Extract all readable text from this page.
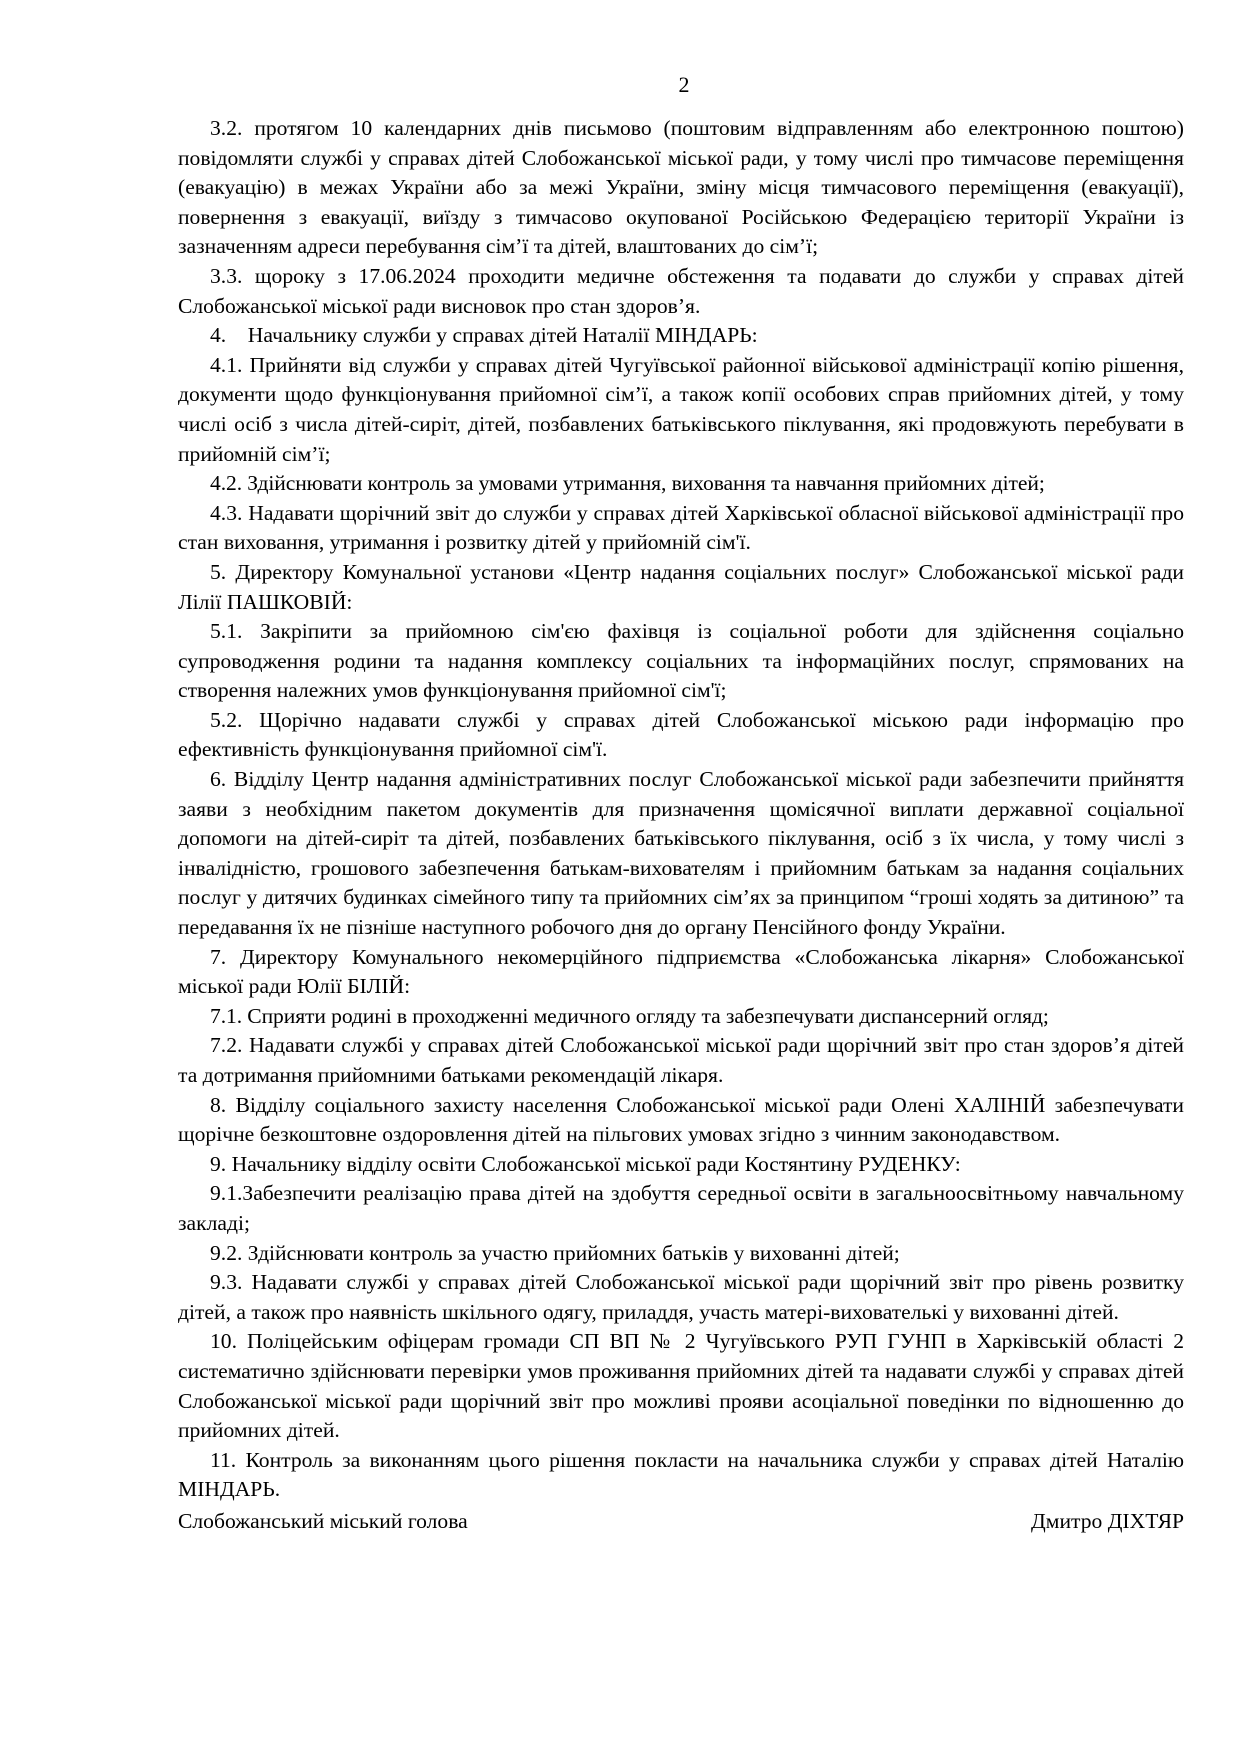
2

3.2. протягом 10 календарних днів письмово (поштовим відправленням або електронною поштою) повідомляти службі у справах дітей Слобожанської міської ради, у тому числі про тимчасове переміщення (евакуацію) в межах України або за межі України, зміну місця тимчасового переміщення (евакуації), повернення з евакуації, виїзду з тимчасово окупованої Російською Федерацією території України із зазначенням адреси перебування сім’ї та дітей, влаштованих до сім’ї;

3.3. щороку з 17.06.2024 проходити медичне обстеження та подавати до служби у справах дітей Слобожанської міської ради висновок про стан здоров’я.

4.    Начальнику служби у справах дітей Наталії МІНДАРЬ:

4.1. Прийняти від служби у справах дітей Чугуївської районної військової адміністрації копію рішення, документи щодо функціонування прийомної сім’ї, а також копії особових справ прийомних дітей, у тому числі осіб з числа дітей-сиріт, дітей, позбавлених батьківського піклування, які продовжують перебувати в прийомній сім’ї;

4.2. Здійснювати контроль за умовами утримання, виховання та навчання прийомних дітей;

4.3. Надавати щорічний звіт до служби у справах дітей Харківської обласної військової адміністрації про стан виховання, утримання і розвитку дітей у прийомній сім'ї.

5. Директору Комунальної установи «Центр надання соціальних послуг» Слобожанської міської ради Лілії ПАШКОВІЙ:

5.1. Закріпити за прийомною сім'єю фахівця із соціальної роботи для здійснення соціально супроводження родини та надання комплексу соціальних та інформаційних послуг, спрямованих на створення належних умов функціонування прийомної сім'ї;

5.2. Щорічно надавати службі у справах дітей Слобожанської міською ради інформацію про ефективність функціонування прийомної сім'ї.

6. Відділу Центр надання адміністративних послуг Слобожанської міської ради забезпечити прийняття заяви з необхідним пакетом документів для призначення щомісячної виплати державної соціальної допомоги на дітей-сиріт та дітей, позбавлених батьківського піклування, осіб з їх числа, у тому числі з інвалідністю, грошового забезпечення батькам-вихователям і прийомним батькам за надання соціальних послуг у дитячих будинках сімейного типу та прийомних сім’ях за принципом “гроші ходять за дитиною” та передавання їх не пізніше наступного робочого дня до органу Пенсійного фонду України.

7. Директору Комунального некомерційного підприємства «Слобожанська лікарня» Слобожанської міської ради Юлії БІЛІЙ:

7.1. Сприяти родині в проходженні медичного огляду та забезпечувати диспансерний огляд;

7.2. Надавати службі у справах дітей Слобожанської міської ради щорічний звіт про стан здоров’я дітей та дотримання прийомними батьками рекомендацій лікаря.

8. Відділу соціального захисту населення Слобожанської міської ради Олені ХАЛІНІЙ забезпечувати щорічне безкоштовне оздоровлення дітей на пільгових умовах згідно з чинним законодавством.

9. Начальнику відділу освіти Слобожанської міської ради Костянтину РУДЕНКУ:

9.1.Забезпечити реалізацію права дітей на здобуття середньої освіти в загальноосвітньому навчальному закладі;

9.2. Здійснювати контроль за участю прийомних батьків у вихованні дітей;

9.3. Надавати службі у справах дітей Слобожанської міської ради щорічний звіт про рівень розвитку дітей, а також про наявність шкільного одягу, приладдя, участь матері-вихователькі у вихованні дітей.

10. Поліцейським офіцерам громади СП ВП № 2 Чугуївського РУП ГУНП в Харківській області 2 систематично здійснювати перевірки умов проживання прийомних дітей та надавати службі у справах дітей Слобожанської міської ради щорічний звіт про можливі прояви асоціальної поведінки по відношенню до прийомних дітей.

11. Контроль за виконанням цього рішення покласти на начальника служби у справах дітей Наталію МІНДАРЬ.

Слобожанський міський голова	Дмитро ДІХТЯР
